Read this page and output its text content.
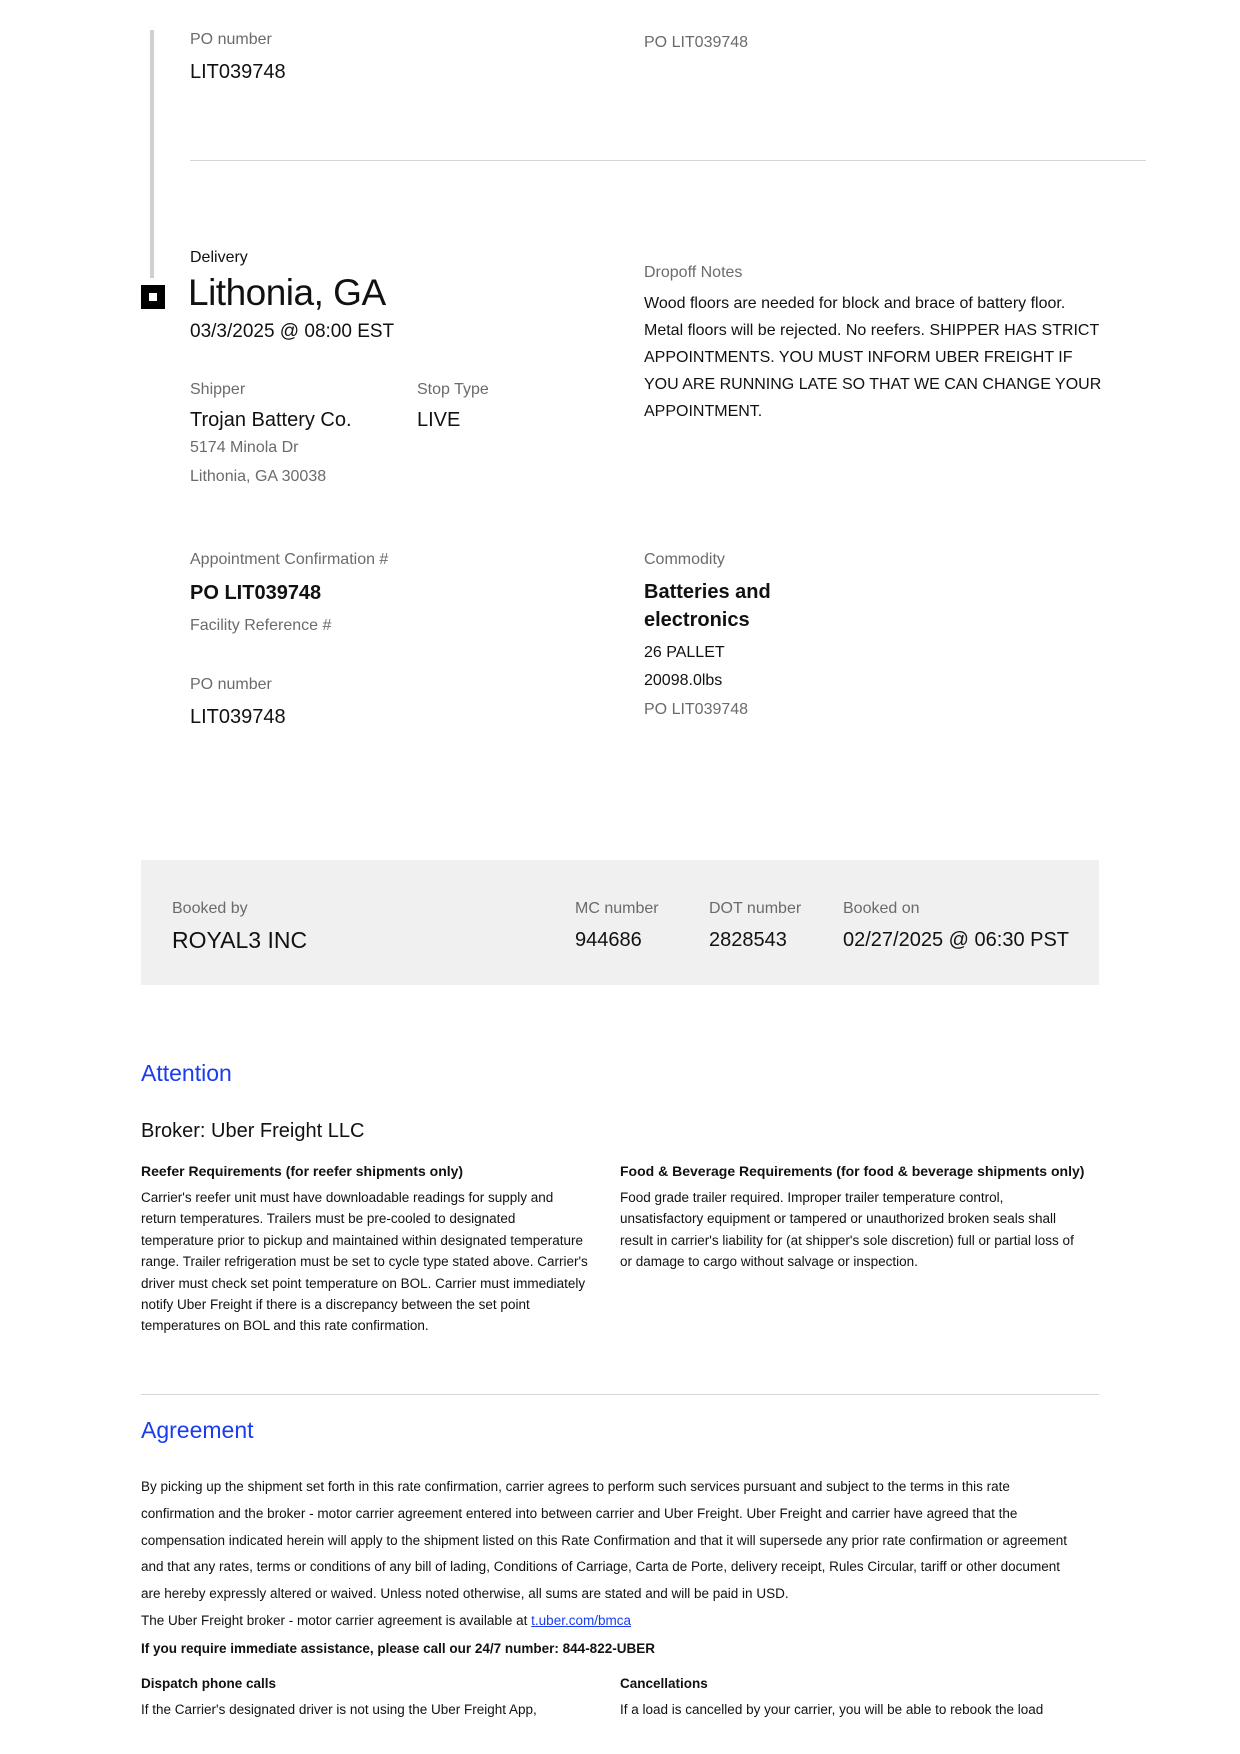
PO number
LIT039748
PO LIT039748
Delivery
Lithonia, GA
03/3/2025 @ 08:00 EST
Shipper
Trojan Battery Co.
5174 Minola Dr
Lithonia, GA 30038
Stop Type
LIVE
Dropoff Notes
Wood floors are needed for block and brace of battery floor. Metal floors will be rejected. No reefers. SHIPPER HAS STRICT APPOINTMENTS. YOU MUST INFORM UBER FREIGHT IF YOU ARE RUNNING LATE SO THAT WE CAN CHANGE YOUR APPOINTMENT.
Appointment Confirmation #
PO LIT039748
Facility Reference #
PO number
LIT039748
Commodity
Batteries and electronics
26 PALLET
20098.0lbs
PO LIT039748
Booked by
ROYAL3 INC
MC number
944686
DOT number
2828543
Booked on
02/27/2025 @ 06:30 PST
Attention
Broker: Uber Freight LLC
Reefer Requirements (for reefer shipments only)
Carrier's reefer unit must have downloadable readings for supply and return temperatures. Trailers must be pre-cooled to designated temperature prior to pickup and maintained within designated temperature range. Trailer refrigeration must be set to cycle type stated above. Carrier's driver must check set point temperature on BOL. Carrier must immediately notify Uber Freight if there is a discrepancy between the set point temperatures on BOL and this rate confirmation.
Food & Beverage Requirements (for food & beverage shipments only)
Food grade trailer required. Improper trailer temperature control, unsatisfactory equipment or tampered or unauthorized broken seals shall result in carrier's liability for (at shipper's sole discretion) full or partial loss of or damage to cargo without salvage or inspection.
Agreement
By picking up the shipment set forth in this rate confirmation, carrier agrees to perform such services pursuant and subject to the terms in this rate confirmation and the broker - motor carrier agreement entered into between carrier and Uber Freight. Uber Freight and carrier have agreed that the compensation indicated herein will apply to the shipment listed on this Rate Confirmation and that it will supersede any prior rate confirmation or agreement and that any rates, terms or conditions of any bill of lading, Conditions of Carriage, Carta de Porte, delivery receipt, Rules Circular, tariff or other document are hereby expressly altered or waived. Unless noted otherwise, all sums are stated and will be paid in USD.
The Uber Freight broker - motor carrier agreement is available at t.uber.com/bmca
If you require immediate assistance, please call our 24/7 number: 844-822-UBER
Dispatch phone calls
If the Carrier's designated driver is not using the Uber Freight App,
Cancellations
If a load is cancelled by your carrier, you will be able to rebook the load
